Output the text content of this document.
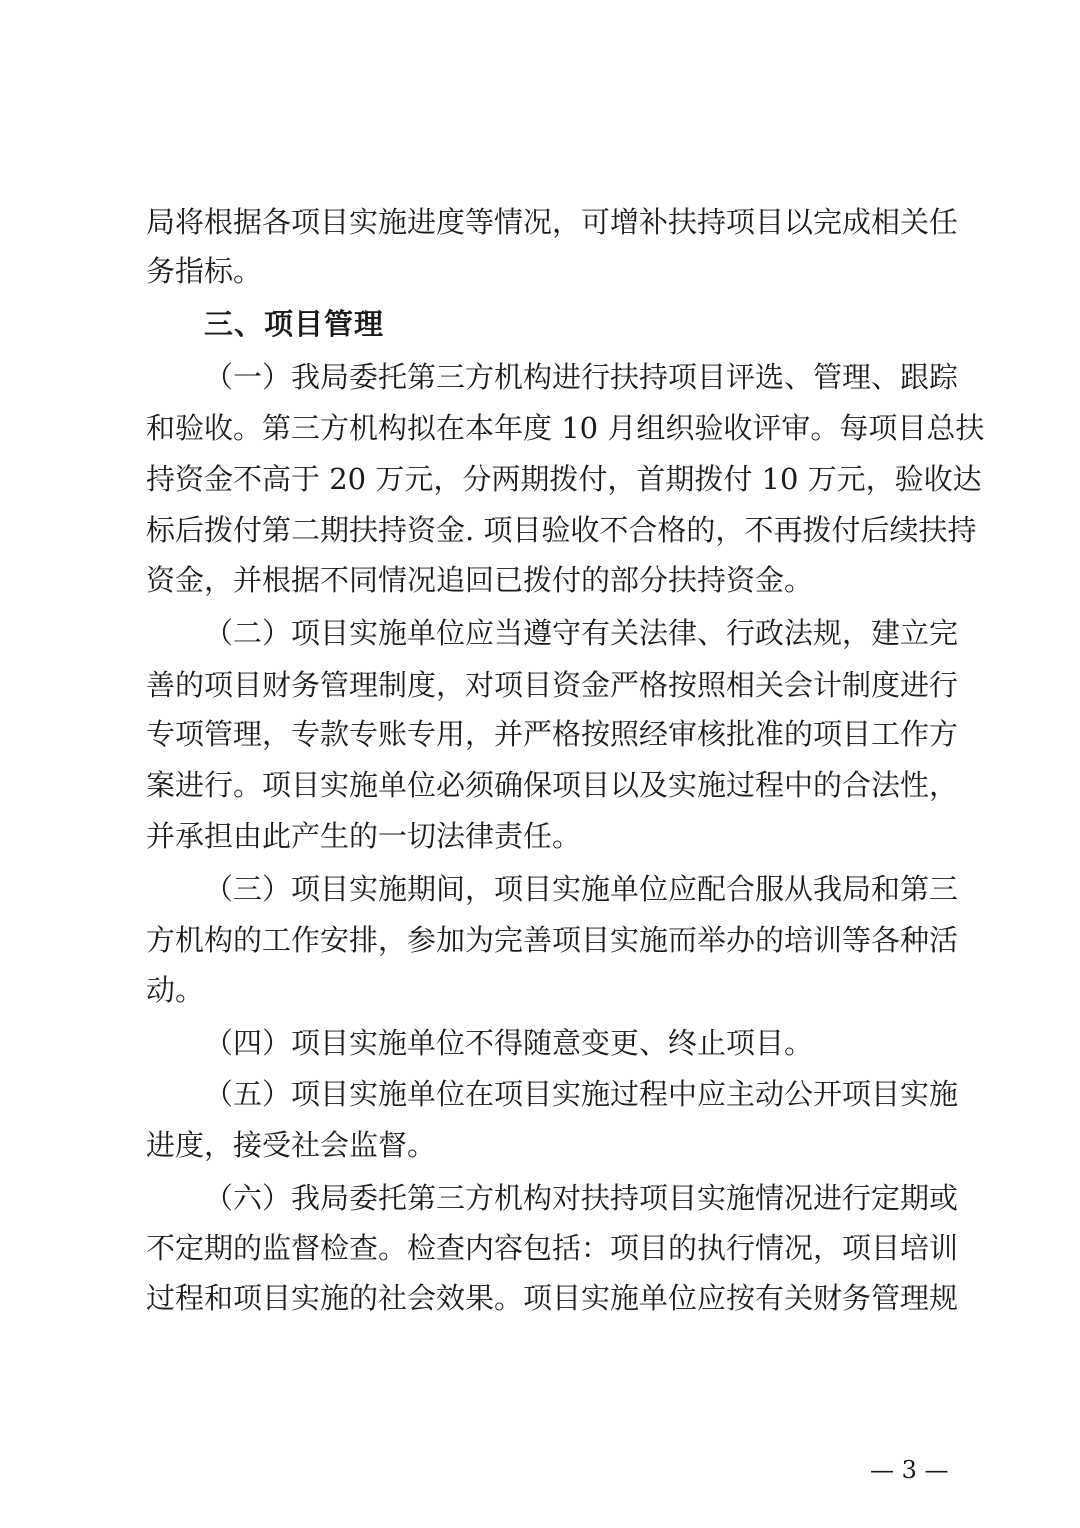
局将根据各项目实施进度等情况，可增补扶持项目以完成相关任
务指标。
三、项目管理
（一）我局委托第三方机构进行扶持项目评选、管理、跟踪
和验收。第三方机构拟在本年度 10 月组织验收评审。每项目总扶
持资金不高于 20 万元，分两期拨付，首期拨付 10 万元，验收达
标后拨付第二期扶持资金. 项目验收不合格的，不再拨付后续扶持
资金，并根据不同情况追回已拨付的部分扶持资金。
（二）项目实施单位应当遵守有关法律、行政法规，建立完
善的项目财务管理制度，对项目资金严格按照相关会计制度进行
专项管理，专款专账专用，并严格按照经审核批准的项目工作方
案进行。项目实施单位必须确保项目以及实施过程中的合法性，
并承担由此产生的一切法律责任。
（三）项目实施期间，项目实施单位应配合服从我局和第三
方机构的工作安排，参加为完善项目实施而举办的培训等各种活
动。
（四）项目实施单位不得随意变更、终止项目。
（五）项目实施单位在项目实施过程中应主动公开项目实施
进度，接受社会监督。
（六）我局委托第三方机构对扶持项目实施情况进行定期或
不定期的监督检查。检查内容包括：项目的执行情况，项目培训
过程和项目实施的社会效果。项目实施单位应按有关财务管理规
— 3 —
